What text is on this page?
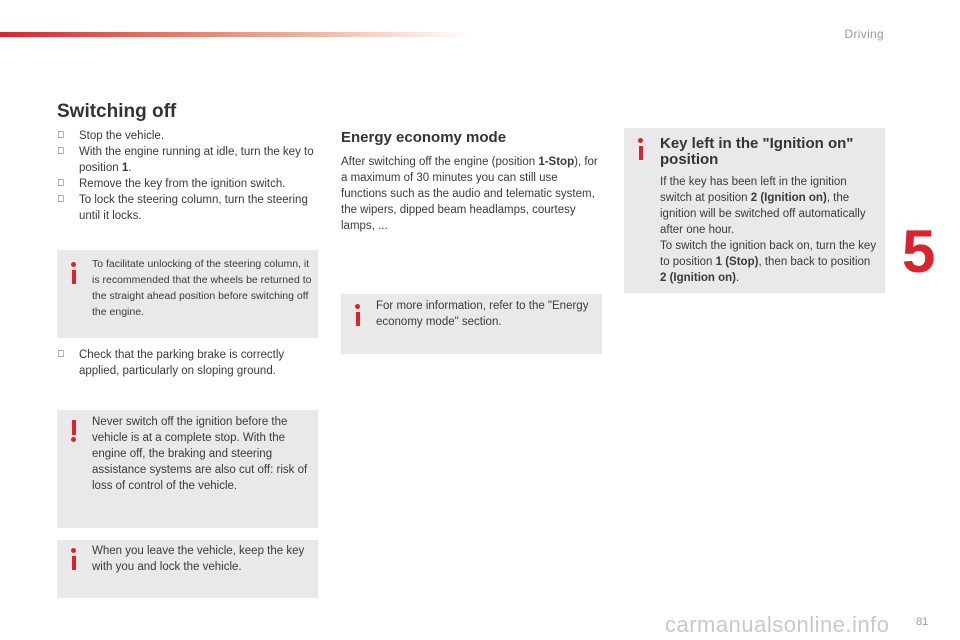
Driving
5
carmanualsonline.info 81
Switching off
Stop the vehicle.
With the engine running at idle, turn the key to position 1.
Remove the key from the ignition switch.
To lock the steering column, turn the steering until it locks.
To facilitate unlocking of the steering column, it is recommended that the wheels be returned to the straight ahead position before switching off the engine.
Check that the parking brake is correctly applied, particularly on sloping ground.
Never switch off the ignition before the vehicle is at a complete stop. With the engine off, the braking and steering assistance systems are also cut off: risk of loss of control of the vehicle.
When you leave the vehicle, keep the key with you and lock the vehicle.
Energy economy mode
After switching off the engine (position 1-Stop), for a maximum of 30 minutes you can still use functions such as the audio and telematic system, the wipers, dipped beam headlamps, courtesy lamps, ...
For more information, refer to the "Energy economy mode" section.
Key left in the "Ignition on" position
If the key has been left in the ignition switch at position 2 (Ignition on), the ignition will be switched off automatically after one hour.
To switch the ignition back on, turn the key to position 1 (Stop), then back to position 2 (Ignition on).
